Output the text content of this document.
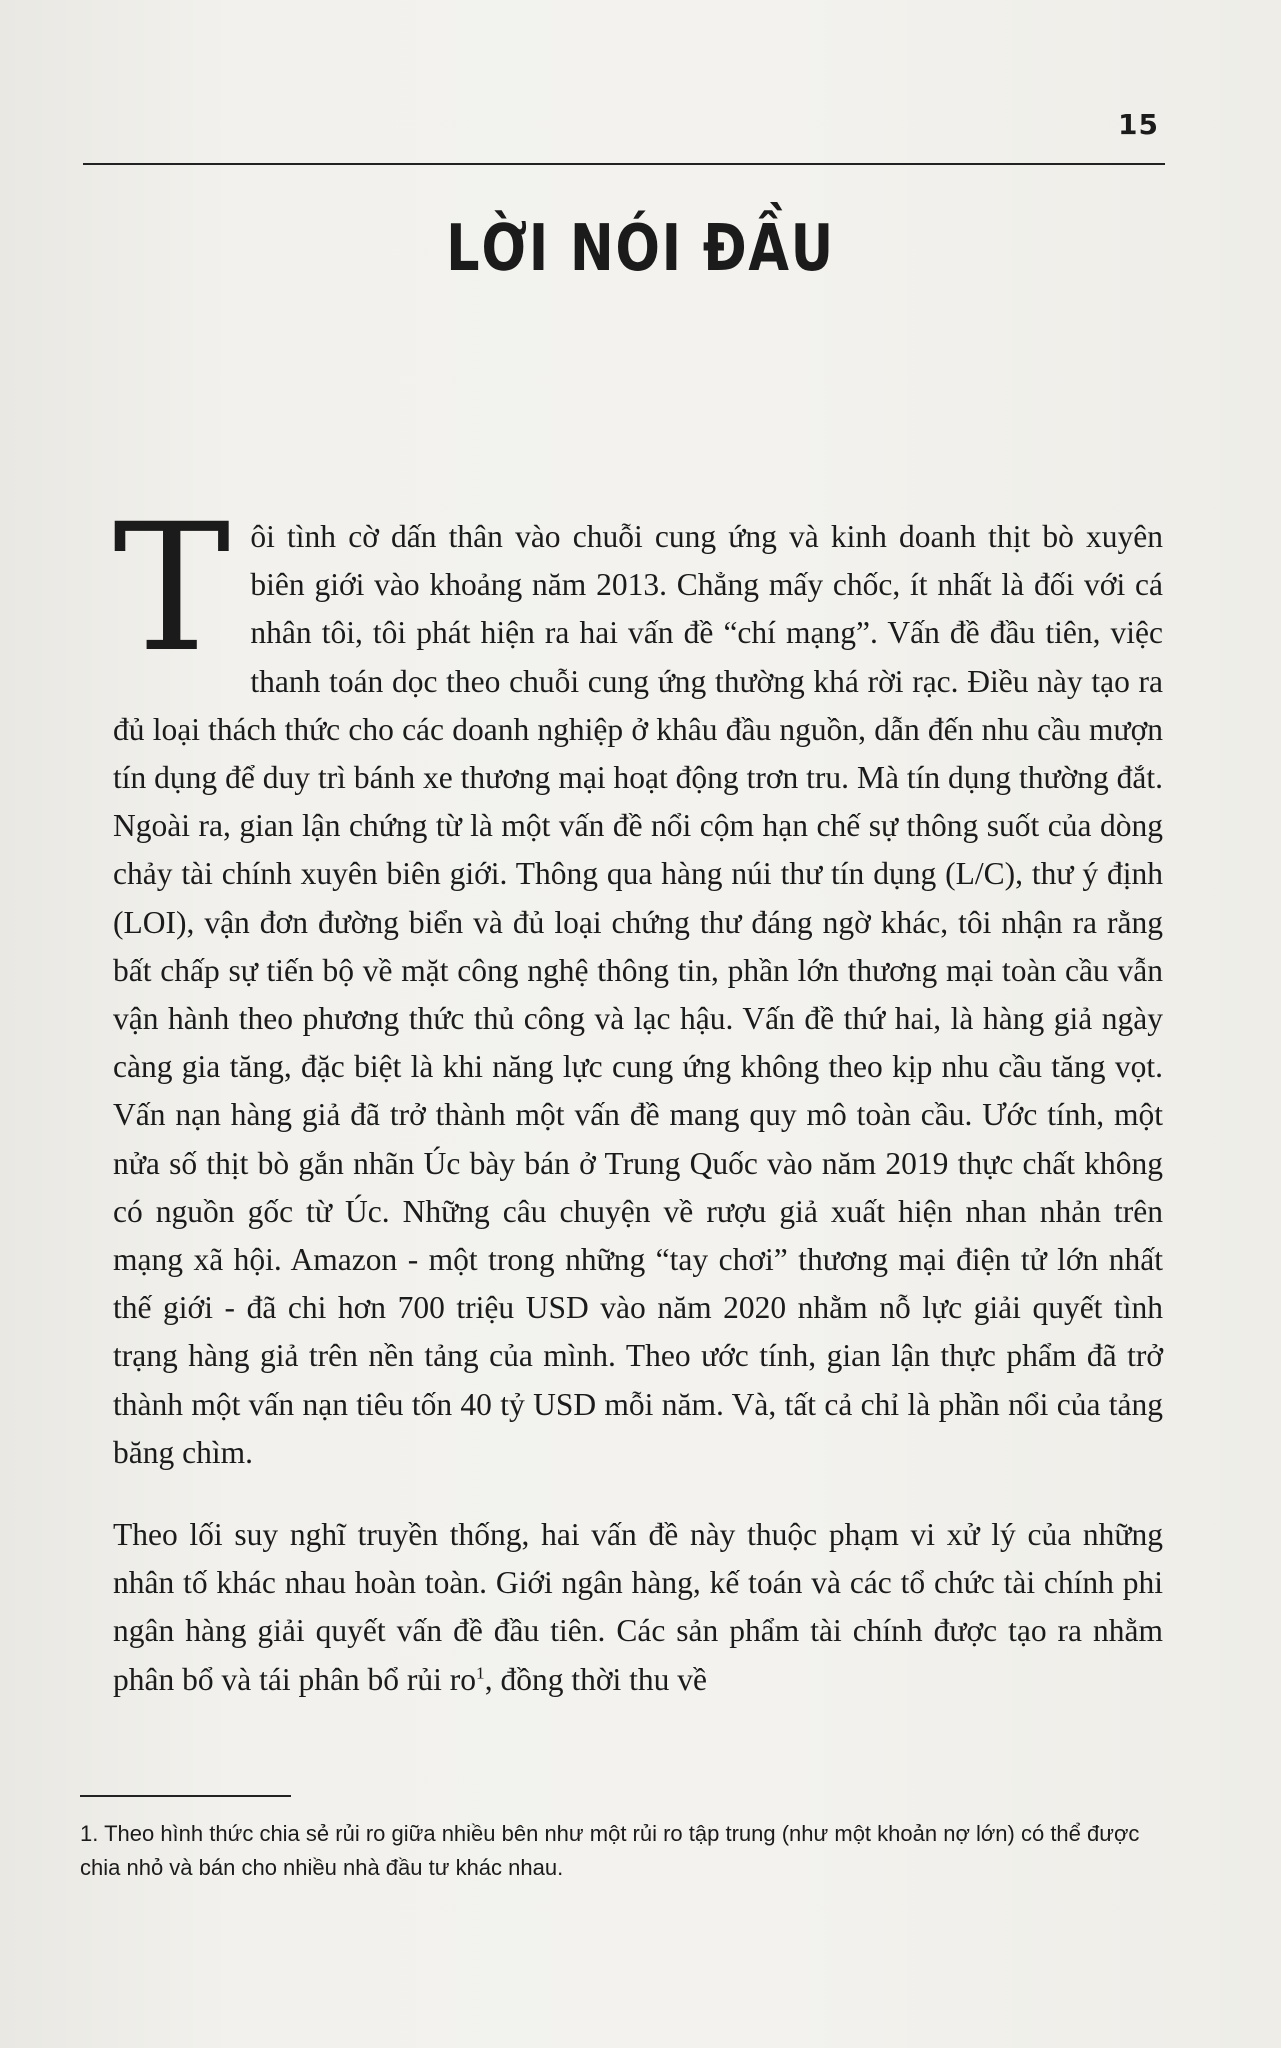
15
LỜI NÓI ĐẦU

Tôi tình cờ dấn thân vào chuỗi cung ứng và kinh doanh thịt bò xuyên biên giới vào khoảng năm 2013. Chẳng mấy chốc, ít nhất là đối với cá nhân tôi, tôi phát hiện ra hai vấn đề “chí mạng”. Vấn đề đầu tiên, việc thanh toán dọc theo chuỗi cung ứng thường khá rời rạc. Điều này tạo ra đủ loại thách thức cho các doanh nghiệp ở khâu đầu nguồn, dẫn đến nhu cầu mượn tín dụng để duy trì bánh xe thương mại hoạt động trơn tru. Mà tín dụng thường đắt. Ngoài ra, gian lận chứng từ là một vấn đề nổi cộm hạn chế sự thông suốt của dòng chảy tài chính xuyên biên giới. Thông qua hàng núi thư tín dụng (L/C), thư ý định (LOI), vận đơn đường biển và đủ loại chứng thư đáng ngờ khác, tôi nhận ra rằng bất chấp sự tiến bộ về mặt công nghệ thông tin, phần lớn thương mại toàn cầu vẫn vận hành theo phương thức thủ công và lạc hậu. Vấn đề thứ hai, là hàng giả ngày càng gia tăng, đặc biệt là khi năng lực cung ứng không theo kịp nhu cầu tăng vọt. Vấn nạn hàng giả đã trở thành một vấn đề mang quy mô toàn cầu. Ước tính, một nửa số thịt bò gắn nhãn Úc bày bán ở Trung Quốc vào năm 2019 thực chất không có nguồn gốc từ Úc. Những câu chuyện về rượu giả xuất hiện nhan nhản trên mạng xã hội. Amazon - một trong những “tay chơi” thương mại điện tử lớn nhất thế giới - đã chi hơn 700 triệu USD vào năm 2020 nhằm nỗ lực giải quyết tình trạng hàng giả trên nền tảng của mình. Theo ước tính, gian lận thực phẩm đã trở thành một vấn nạn tiêu tốn 40 tỷ USD mỗi năm. Và, tất cả chỉ là phần nổi của tảng băng chìm.

Theo lối suy nghĩ truyền thống, hai vấn đề này thuộc phạm vi xử lý của những nhân tố khác nhau hoàn toàn. Giới ngân hàng, kế toán và các tổ chức tài chính phi ngân hàng giải quyết vấn đề đầu tiên. Các sản phẩm tài chính được tạo ra nhằm phân bổ và tái phân bổ rủi $ro^1$, đồng thời thu về

1. Theo hình thức chia sẻ rủi ro giữa nhiều bên như một rủi ro tập trung (như một khoản nợ lớn) có thể được chia nhỏ và bán cho nhiều nhà đầu tư khác nhau.
